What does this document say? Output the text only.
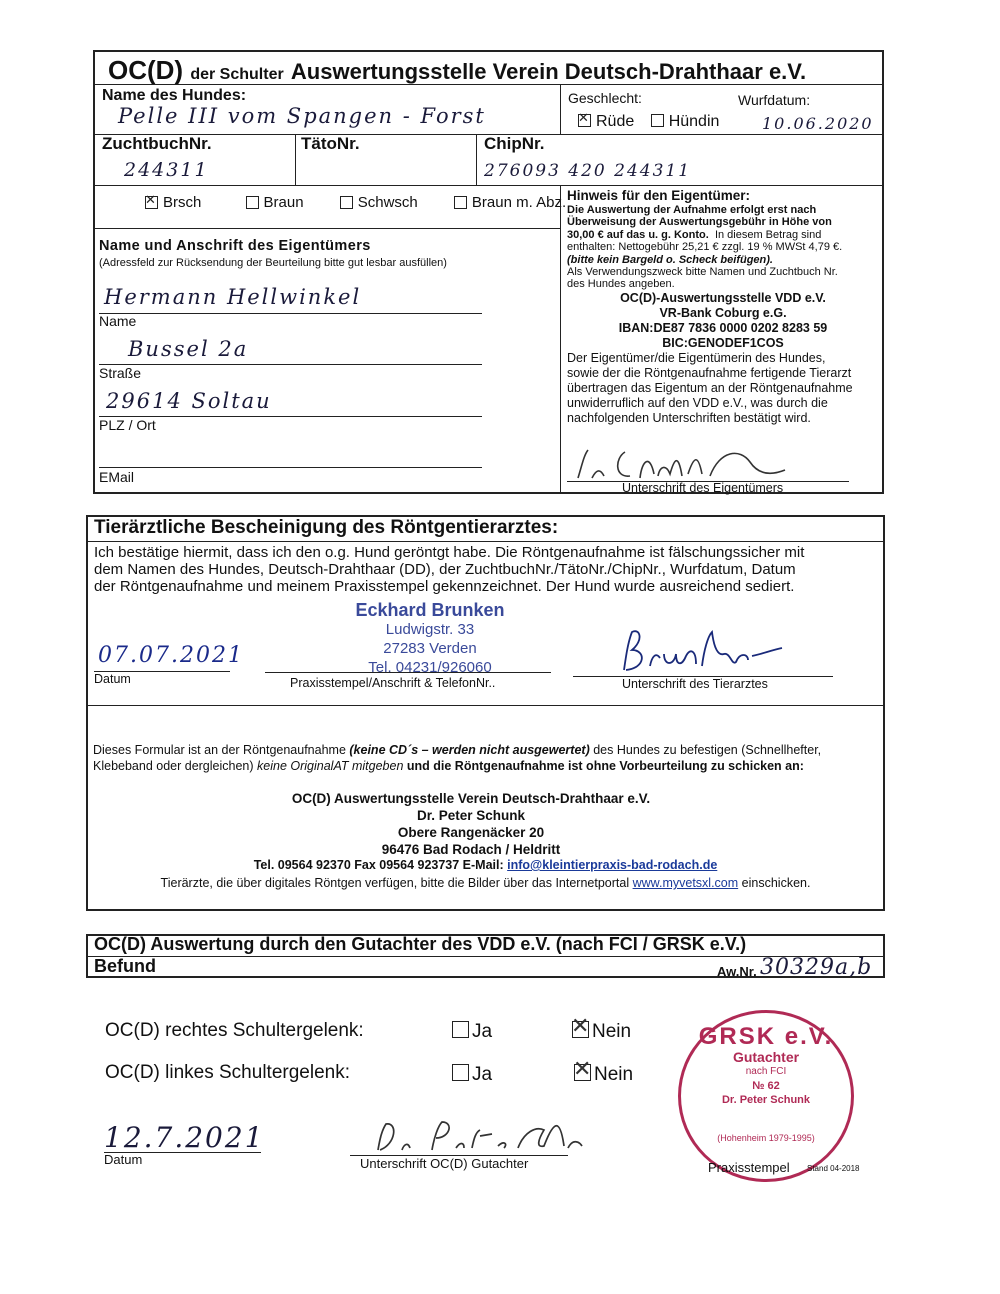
OC(D) der Schulter Auswertungsstelle Verein Deutsch-Drahthaar e.V.
Name des Hundes:
Pelle III vom Spangen - Forst
Geschlecht:	Wurfdatum:
✕Rüde Hündin	10.06.2020
ZuchtbuchNr.
244311
TätoNr.	ChipNr.
276093 420 244311
✕Brsch	Braun	Schwsch	Braun m. Abz.
Name und Anschrift des Eigentümers
(Adressfeld zur Rücksendung der Beurteilung bitte gut lesbar ausfüllen)
Hermann Hellwinkel
Name
Bussel 2a
Straße
29614 Soltau
PLZ / Ort
EMail

Hinweis für den Eigentümer:

Die Auswertung der Aufnahme erfolgt erst nach

Überweisung der Auswertungsgebühr in Höhe von

30,00 € auf das u. g. Konto. In diesem Betrag sind

enthalten: Nettogebühr 25,21 € zzgl. 19 % MWSt 4,79 €.

(bitte kein Bargeld o. Scheck beifügen).

Als Verwendungszweck bitte Namen und Zuchtbuch Nr.

des Hundes angeben.

OC(D)-Auswertungsstelle VDD e.V.

VR-Bank Coburg e.G.

IBAN:DE87 7836 0000 0202 8283 59

BIC:GENODEF1COS

Der Eigentümer/die Eigentümerin des Hundes,

sowie der die Röntgenaufnahme fertigende Tierarzt

übertragen das Eigentum an der Röntgenaufnahme

unwiderruflich auf den VDD e.V., was durch die

nachfolgenden Unterschriften bestätigt wird.

Unterschrift des Eigentümers
Tierärztliche Bescheinigung des Röntgentierarztes:
Ich bestätige hiermit, dass ich den o.g. Hund geröntgt habe. Die Röntgenaufnahme ist fälschungssicher mit
dem Namen des Hundes, Deutsch-Drahthaar (DD), der ZuchtbuchNr./TätoNr./ChipNr., Wurfdatum, Datum
der Röntgenaufnahme und meinem Praxisstempel gekennzeichnet. Der Hund wurde ausreichend sediert.
07.07.2021
Datum
Eckhard Brunken
Ludwigstr. 33
27283 Verden
Tel. 04231/926060
Praxisstempel/Anschrift & TelefonNr..	Unterschrift des Tierarztes
Dieses Formular ist an der Röntgenaufnahme (keine CD´s – werden nicht ausgewertet) des Hundes zu befestigen (Schnellhefter,
Klebeband oder dergleichen) keine OriginalAT mitgeben und die Röntgenaufnahme ist ohne Vorbeurteilung zu schicken an:
OC(D) Auswertungsstelle Verein Deutsch-Drahthaar e.V.
Dr. Peter Schunk
Obere Rangenäcker 20
96476 Bad Rodach / Heldritt
Tel. 09564 92370 Fax 09564 923737 E-Mail: info@kleintierpraxis-bad-rodach.de
Tierärzte, die über digitales Röntgen verfügen, bitte die Bilder über das Internetportal www.myvetsxl.com einschicken.
OC(D) Auswertung durch den Gutachter des VDD e.V. (nach FCI / GRSK e.V.)
Befund	Aw.Nr. 30329a,b
OC(D) rechtes Schultergelenk:	Ja ✕	Nein
OC(D) linkes Schultergelenk:	Ja ✕	Nein
GRSK e.V.
Gutachter
nach FCI
№ 62
Dr. Peter Schunk
(Hohenheim 1979-1995)
12.7.2021
Datum	Unterschrift OC(D) Gutachter	Praxisstempel Stand 04-2018
